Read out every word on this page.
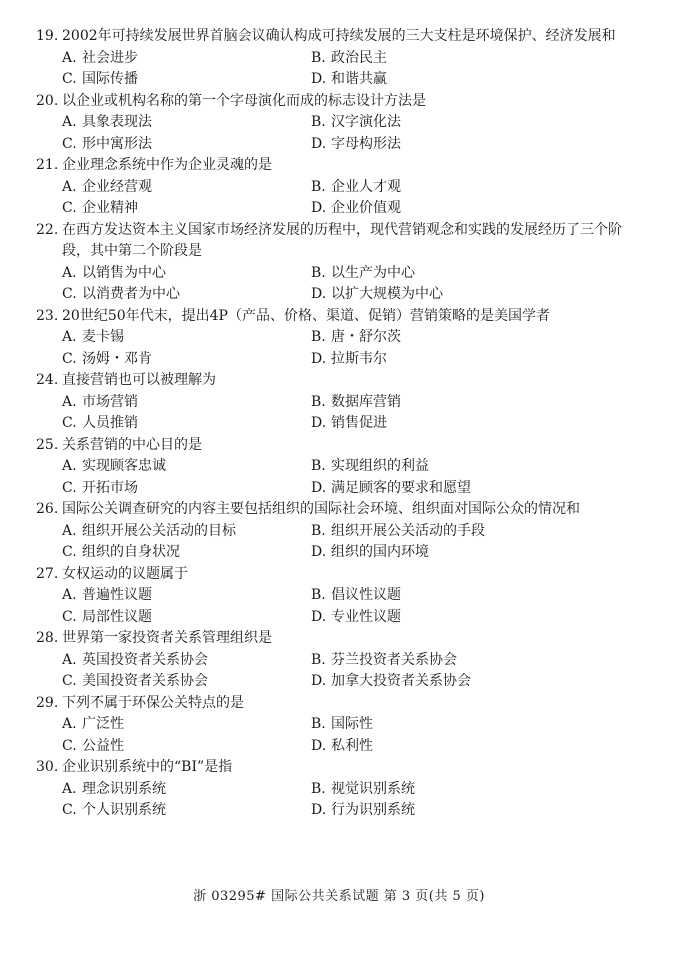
19. 2002年可持续发展世界首脑会议确认构成可持续发展的三大支柱是环境保护、经济发展和
A. 社会进步	B. 政治民主
C. 国际传播	D. 和谐共赢
20. 以企业或机构名称的第一个字母演化而成的标志设计方法是
A. 具象表现法	B. 汉字演化法
C. 形中寓形法	D. 字母构形法
21. 企业理念系统中作为企业灵魂的是
A. 企业经营观	B. 企业人才观
C. 企业精神	D. 企业价值观
22. 在西方发达资本主义国家市场经济发展的历程中，现代营销观念和实践的发展经历了三个阶段，其中第二个阶段是
A. 以销售为中心	B. 以生产为中心
C. 以消费者为中心	D. 以扩大规模为中心
23. 20世纪50年代末，提出4P（产品、价格、渠道、促销）营销策略的是美国学者
A. 麦卡锡	B. 唐・舒尔茨
C. 汤姆・邓肯	D. 拉斯韦尔
24. 直接营销也可以被理解为
A. 市场营销	B. 数据库营销
C. 人员推销	D. 销售促进
25. 关系营销的中心目的是
A. 实现顾客忠诚	B. 实现组织的利益
C. 开拓市场	D. 满足顾客的要求和愿望
26. 国际公关调查研究的内容主要包括组织的国际社会环境、组织面对国际公众的情况和
A. 组织开展公关活动的目标	B. 组织开展公关活动的手段
C. 组织的自身状况	D. 组织的国内环境
27. 女权运动的议题属于
A. 普遍性议题	B. 倡议性议题
C. 局部性议题	D. 专业性议题
28. 世界第一家投资者关系管理组织是
A. 英国投资者关系协会	B. 芬兰投资者关系协会
C. 美国投资者关系协会	D. 加拿大投资者关系协会
29. 下列不属于环保公关特点的是
A. 广泛性	B. 国际性
C. 公益性	D. 私利性
30. 企业识别系统中的“BI”是指
A. 理念识别系统	B. 视觉识别系统
C. 个人识别系统	D. 行为识别系统
浙 03295# 国际公共关系试题 第 3 页(共 5 页)
